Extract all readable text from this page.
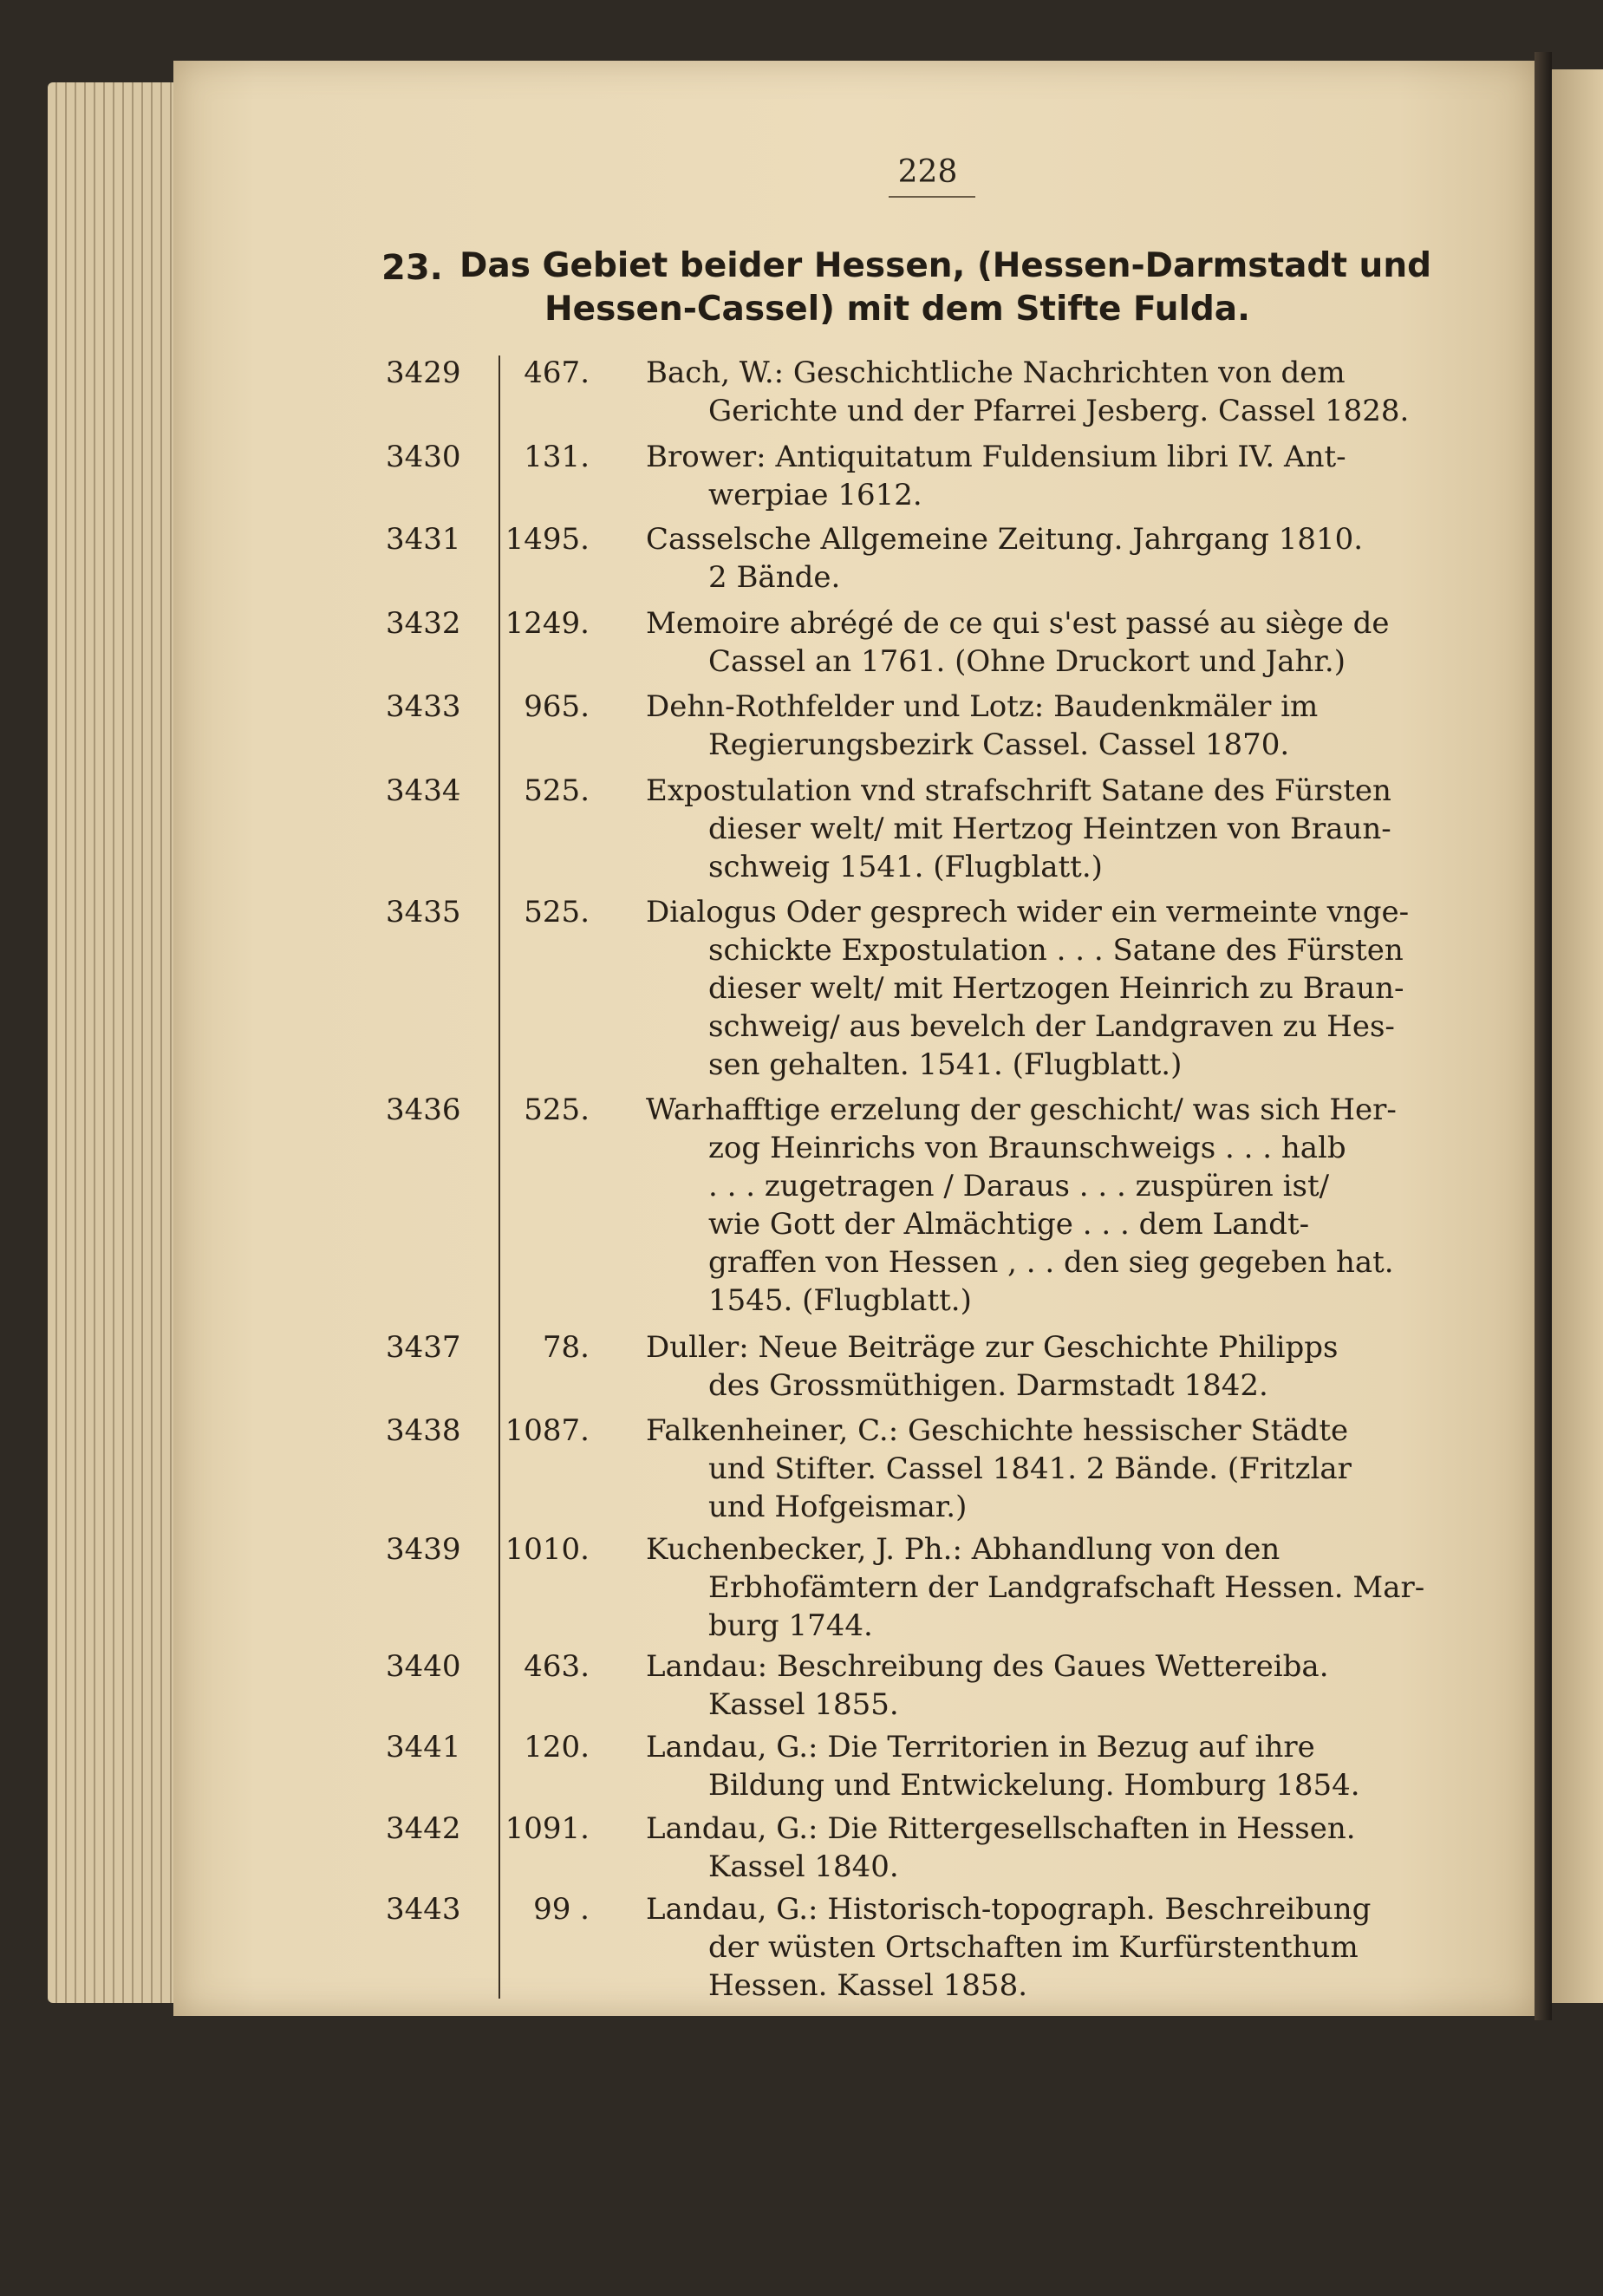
228
23. Das Gebiet beider Hessen, (Hessen-Darmstadt und
Hessen-Cassel) mit dem Stifte Fulda.
3429	467. Bach, W.: Geschichtliche Nachrichten von dem
Gerichte und der Pfarrei Jesberg. Cassel 1828.
3430	131. Brower: Antiquitatum Fuldensium libri IV. Ant-
werpiae 1612.
3431	1495. Casselsche Allgemeine Zeitung. Jahrgang 1810.
2 Bände.
3432	1249. Memoire abrégé de ce qui s'est passé au siège de
Cassel an 1761. (Ohne Druckort und Jahr.)
3433	965. Dehn-Rothfelder und Lotz: Baudenkmäler im
Regierungsbezirk Cassel. Cassel 1870.
3434	525. Expostulation vnd strafschrift Satane des Fürsten
dieser welt/ mit Hertzog Heintzen von Braun-
schweig 1541. (Flugblatt.)
3435	525. Dialogus Oder gesprech wider ein vermeinte vnge-
schickte Expostulation . . . Satane des Fürsten
dieser welt/ mit Hertzogen Heinrich zu Braun-
schweig/ aus bevelch der Landgraven zu Hes-
sen gehalten. 1541. (Flugblatt.)
3436	525. Warhafftige erzelung der geschicht/ was sich Her-
zog Heinrichs von Braunschweigs . . . halb
. . . zugetragen / Daraus . . . zuspüren ist/
wie Gott der Almächtige . . . dem Landt-
graffen von Hessen , . . den sieg gegeben hat.
1545. (Flugblatt.)
3437	78. Duller: Neue Beiträge zur Geschichte Philipps
des Grossmüthigen. Darmstadt 1842.
3438	1087. Falkenheiner, C.: Geschichte hessischer Städte
und Stifter. Cassel 1841. 2 Bände. (Fritzlar
und Hofgeismar.)
3439	1010. Kuchenbecker, J. Ph.: Abhandlung von den
Erbhofämtern der Landgrafschaft Hessen. Mar-
burg 1744.
3440	463. Landau: Beschreibung des Gaues Wettereiba.
Kassel 1855.
3441	120. Landau, G.: Die Territorien in Bezug auf ihre
Bildung und Entwickelung. Homburg 1854.
3442	1091. Landau, G.: Die Rittergesellschaften in Hessen.
Kassel 1840.
3443	99 . Landau, G.: Historisch-topograph. Beschreibung
der wüsten Ortschaften im Kurfürstenthum
Hessen. Kassel 1858.
